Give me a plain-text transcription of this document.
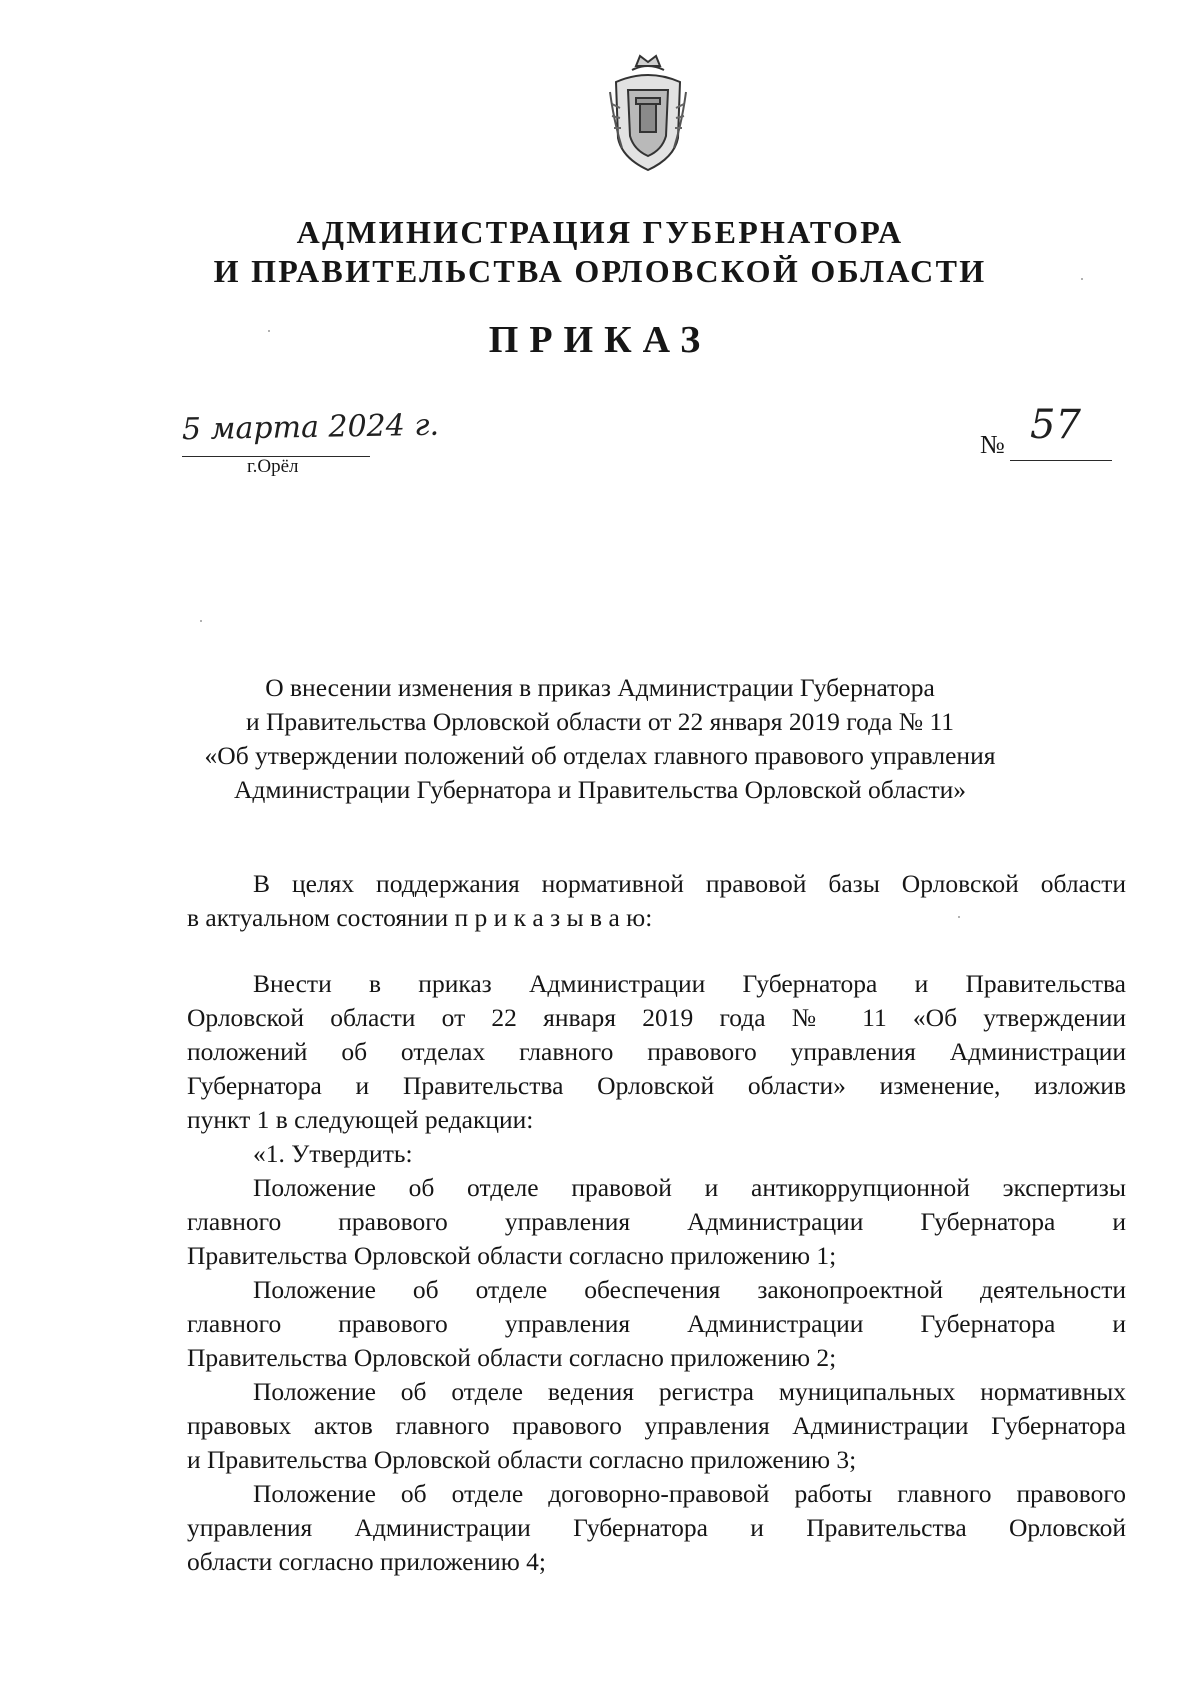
АДМИНИСТРАЦИЯ ГУБЕРНАТОРА
И ПРАВИТЕЛЬСТВА ОРЛОВСКОЙ ОБЛАСТИ
ПРИКАЗ
5 марта 2024 г.
г.Орёл
№ 57
О внесении изменения в приказ Администрации Губернатора
и Правительства Орловской области от 22 января 2019 года № 11
«Об утверждении положений об отделах главного правового управления
Администрации Губернатора и Правительства Орловской области»
В целях поддержания нормативной правовой базы Орловской области
в актуальном состоянии п р и к а з ы в а ю:
Внести в приказ Администрации Губернатора и Правительства
Орловской области от 22 января 2019 года № 11 «Об утверждении
положений об отделах главного правового управления Администрации
Губернатора и Правительства Орловской области» изменение, изложив
пункт 1 в следующей редакции:
«1. Утвердить:
Положение об отделе правовой и антикоррупционной экспертизы
главного правового управления Администрации Губернатора и
Правительства Орловской области согласно приложению 1;
Положение об отделе обеспечения законопроектной деятельности
главного правового управления Администрации Губернатора и
Правительства Орловской области согласно приложению 2;
Положение об отделе ведения регистра муниципальных нормативных
правовых актов главного правового управления Администрации Губернатора
и Правительства Орловской области согласно приложению 3;
Положение об отделе договорно-правовой работы главного правового
управления Администрации Губернатора и Правительства Орловской
области согласно приложению 4;
